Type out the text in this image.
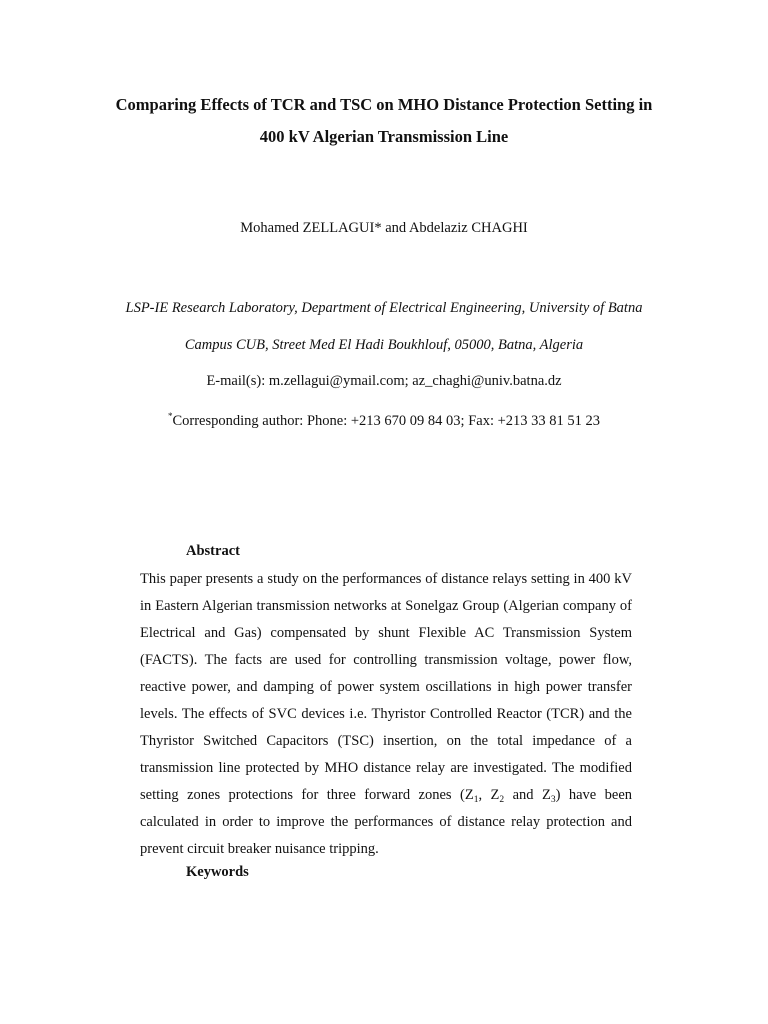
Comparing Effects of TCR and TSC on MHO Distance Protection Setting in
400 kV Algerian Transmission Line
Mohamed ZELLAGUI* and Abdelaziz CHAGHI
LSP-IE Research Laboratory, Department of Electrical Engineering, University of Batna
Campus CUB, Street Med El Hadi Boukhlouf, 05000, Batna, Algeria
E-mail(s): m.zellagui@ymail.com; az_chaghi@univ.batna.dz
*Corresponding author: Phone: +213 670 09 84 03; Fax: +213 33 81 51 23
Abstract
This paper presents a study on the performances of distance relays setting in 400 kV in Eastern Algerian transmission networks at Sonelgaz Group (Algerian company of Electrical and Gas) compensated by shunt Flexible AC Transmission System (FACTS). The facts are used for controlling transmission voltage, power flow, reactive power, and damping of power system oscillations in high power transfer levels. The effects of SVC devices i.e. Thyristor Controlled Reactor (TCR) and the Thyristor Switched Capacitors (TSC) insertion, on the total impedance of a transmission line protected by MHO distance relay are investigated. The modified setting zones protections for three forward zones ($Z_1$, $Z_2$ and $Z_3$) have been calculated in order to improve the performances of distance relay protection and prevent circuit breaker nuisance tripping.
Keywords
